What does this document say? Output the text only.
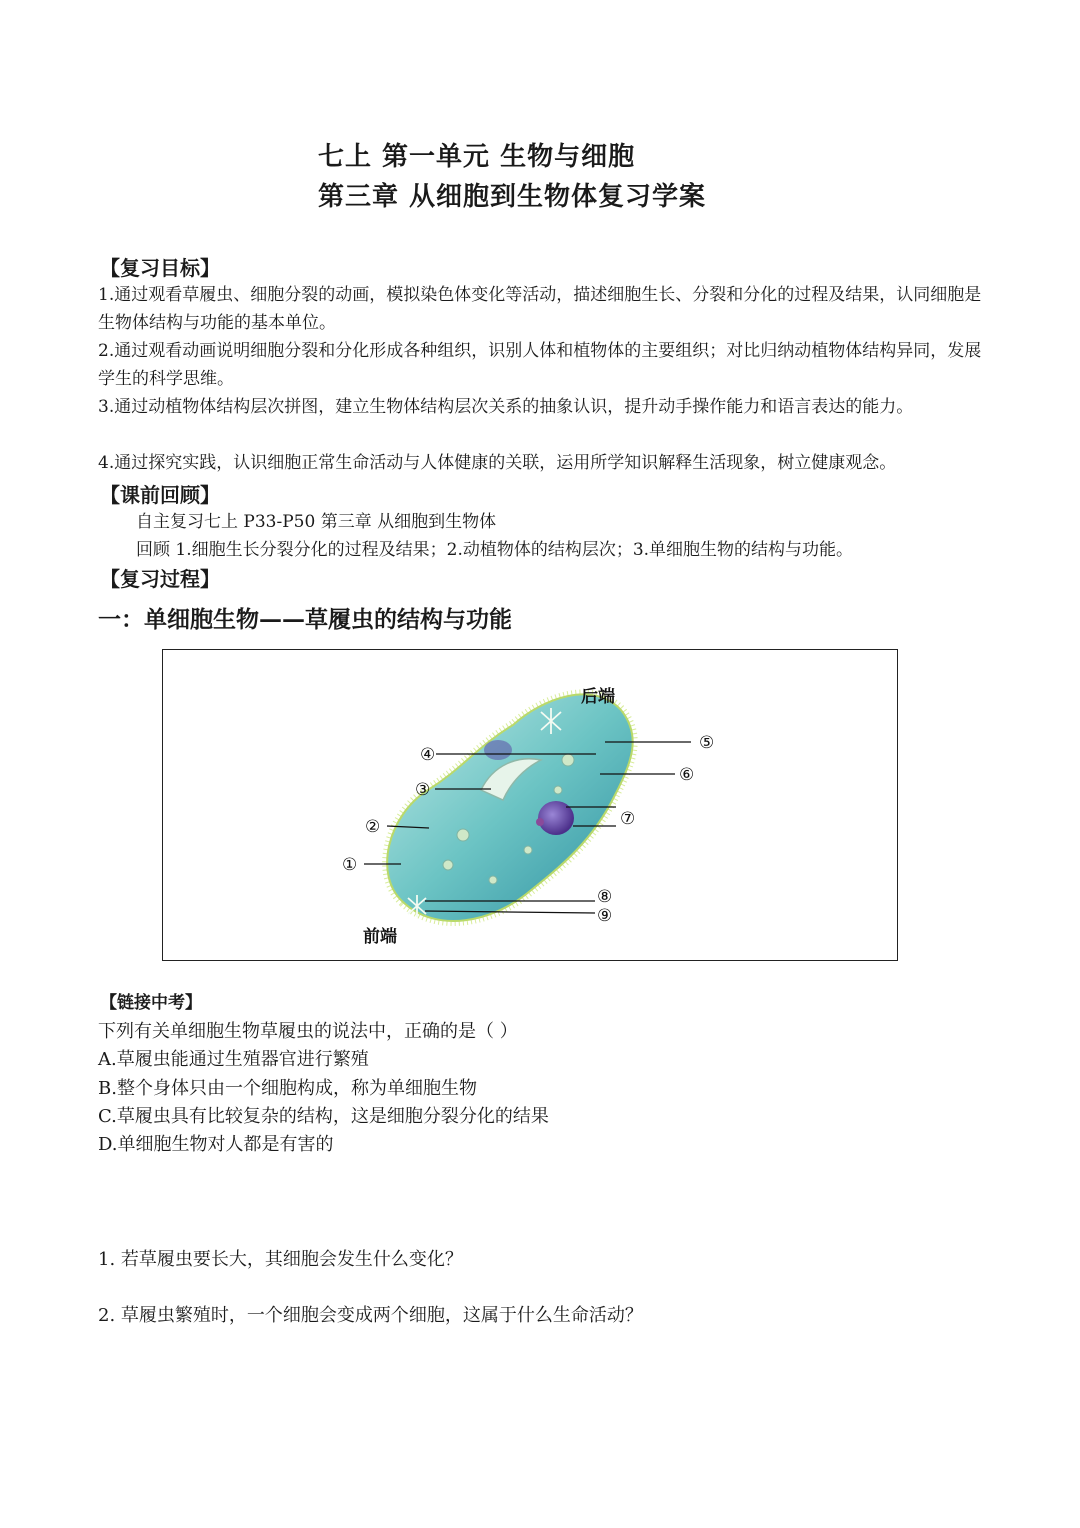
七上 第一单元 生物与细胞
第三章 从细胞到生物体复习学案
【复习目标】
1.通过观看草履虫、细胞分裂的动画，模拟染色体变化等活动，描述细胞生长、分裂和分化的过程及结果，认同细胞是生物体结构与功能的基本单位。
2.通过观看动画说明细胞分裂和分化形成各种组织，识别人体和植物体的主要组织；对比归纳动植物体结构异同，发展学生的科学思维。
3.通过动植物体结构层次拼图，建立生物体结构层次关系的抽象认识，提升动手操作能力和语言表达的能力。
4.通过探究实践，认识细胞正常生命活动与人体健康的关联，运用所学知识解释生活现象，树立健康观念。
【课前回顾】
自主复习七上 P33-P50 第三章 从细胞到生物体
回顾 1.细胞生长分裂分化的过程及结果；2.动植物体的结构层次；3.单细胞生物的结构与功能。
【复习过程】
一：单细胞生物——草履虫的结构与功能
后端
前端
①
②
③
④
⑤
⑥
⑦
⑧
⑨
【链接中考】
下列有关单细胞生物草履虫的说法中，正确的是（ ）
A.草履虫能通过生殖器官进行繁殖
B.整个身体只由一个细胞构成，称为单细胞生物
C.草履虫具有比较复杂的结构，这是细胞分裂分化的结果
D.单细胞生物对人都是有害的
1. 若草履虫要长大，其细胞会发生什么变化？
2. 草履虫繁殖时，一个细胞会变成两个细胞，这属于什么生命活动？
